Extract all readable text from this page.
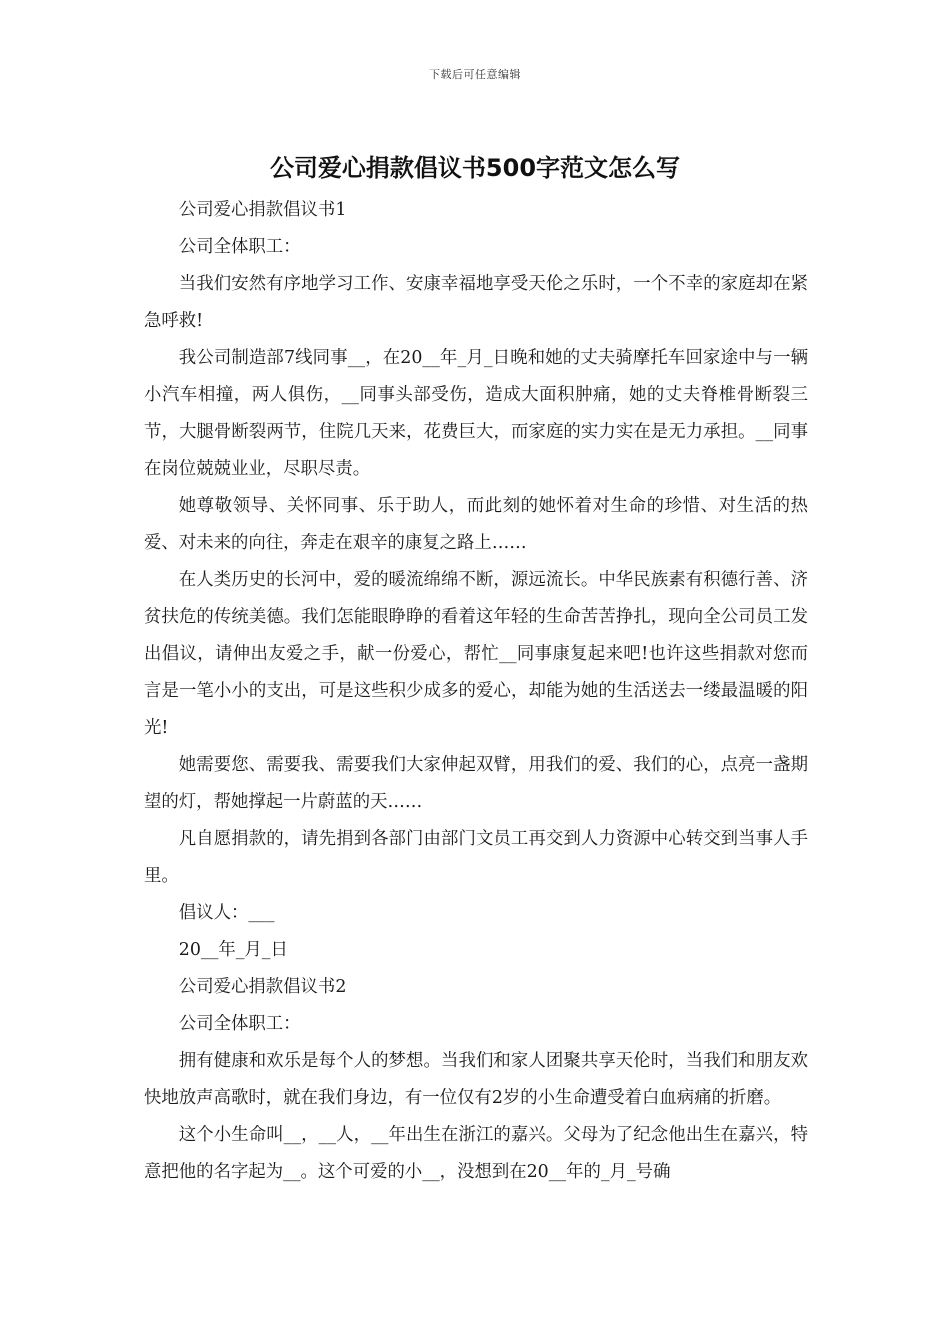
下载后可任意编辑
公司爱心捐款倡议书500字范文怎么写

公司爱心捐款倡议书1

公司全体职工：

当我们安然有序地学习工作、安康幸福地享受天伦之乐时，一个不幸的家庭却在紧急呼救!

我公司制造部7线同事__，在20__年_月_日晚和她的丈夫骑摩托车回家途中与一辆小汽车相撞，两人俱伤，__同事头部受伤，造成大面积肿痛，她的丈夫脊椎骨断裂三节，大腿骨断裂两节，住院几天来，花费巨大，而家庭的实力实在是无力承担。__同事在岗位兢兢业业，尽职尽责。

她尊敬领导、关怀同事、乐于助人，而此刻的她怀着对生命的珍惜、对生活的热爱、对未来的向往，奔走在艰辛的康复之路上……

在人类历史的长河中，爱的暖流绵绵不断，源远流长。中华民族素有积德行善、济贫扶危的传统美德。我们怎能眼睁睁的看着这年轻的生命苦苦挣扎，现向全公司员工发出倡议，请伸出友爱之手，献一份爱心，帮忙__同事康复起来吧!也许这些捐款对您而言是一笔小小的支出，可是这些积少成多的爱心，却能为她的生活送去一缕最温暖的阳光!

她需要您、需要我、需要我们大家伸起双臂，用我们的爱、我们的心，点亮一盏期望的灯，帮她撑起一片蔚蓝的天……

凡自愿捐款的，请先捐到各部门由部门文员工再交到人力资源中心转交到当事人手里。

倡议人：___

20__年_月_日

公司爱心捐款倡议书2

公司全体职工：

拥有健康和欢乐是每个人的梦想。当我们和家人团聚共享天伦时，当我们和朋友欢快地放声高歌时，就在我们身边，有一位仅有2岁的小生命遭受着白血病痛的折磨。

这个小生命叫__，__人，__年出生在浙江的嘉兴。父母为了纪念他出生在嘉兴，特意把他的名字起为__。这个可爱的小__，没想到在20__年的_月_号确
